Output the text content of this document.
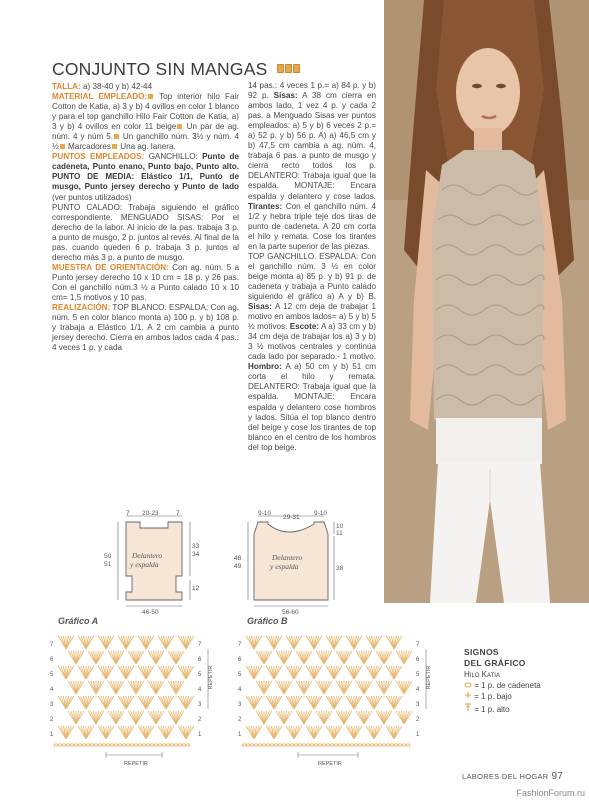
CONJUNTO SIN MANGAS

TALLA: a) 38-40 y b) 42-44

MATERIAL EMPLEADO: Top interior hilo Fair Cotton de Katia, a) 3 y b) 4 ovillos en color 1 blanco y para el top ganchillo Hilo Fair Cotton de Katia, a) 3 y b) 4 ovillos en color 11 beige Un par de ag. núm. 4 y núm 5. Un ganchillo núm. 3½ y núm. 4 ½ Marcadores Una ag. lanera.

PUNTOS EMPLEADOS: GANCHILLO: Punto de cadeneta, Punto enano, Punto bajo, Punto alto. PUNTO DE MEDIA: Elástico 1/1, Punto de musgo, Punto jersey derecho y Punto de lado (ver puntos utilizados)

PUNTO CALADO: Trabaja siguiendo el gráfico correspondiente. MENGUADO SISAS: Por el derecho de la labor. Al inicio de la pas. trabaja 3 p. a punto de musgo, 2 p. juntos al revés. Al final de la pas. cuando queden 6 p. trabaja 3 p. juntos al derecho más 3 p. a punto de musgo.

MUESTRA DE ORIENTACIÓN: Con ag. núm. 5 a Punto jersey derecho 10 x 10 cm = 18 p. y 26 pas. Con el ganchillo núm.3 ½ a Punto calado 10 x 10 cm= 1,5 motivos y 10 pas.

REALIZACIÓN: TOP BLANCO. ESPALDA: Con ag. núm. 5 en color blanco monta a) 100 p. y b) 108 p. y trabaja a Elástico 1/1. A 2 cm cambia a punto jersey derecho. Cierra en ambos lados cada 4 pas.: 4 veces 1 p. y cada

14 pas.: 4 veces 1 p.= a) 84 p. y b) 92 p. Sisas: A 38 cm cierra en ambos lado, 1 vez 4 p. y cada 2 pas. a Menguado Sisas ver puntos empleados: a) 5 y b) 6 veces 2 p.= a) 52 p. y b) 56 p. A) a) 46,5 cm y b) 47,5 cm cambia a ag. núm. 4, trabaja 6 pas. a punto de musgo y cierra recto todos los p. DELANTERO: Trabaja igual que la espalda. MONTAJE: Encara espalda y delantero y cose lados. Tirantes: Con el ganchillo núm. 4 1/2 y hebra triple teje dos tiras de punto de cadeneta. A 20 cm corta el hilo y remata. Cose los tirantes en la parte superior de las piezas.

TOP GANCHILLO. ESPALDA: Con el ganchillo núm. 3 ½ en color beige monta a) 85 p. y b) 91 p. de cadeneta y trabaja a Punto calado siguiendo el gráfico a) A y b) B. Sisas: A 12 cm deja de trabajar 1 motivo en ambos lados= a) 5 y b) 5 ½ motivos. Escote: A a) 33 cm y b) 34 cm deja de trabajar los a) 3 y b) 3 ½ motivos centrales y continúa cada lado por separado.- 1 motivo. Hombro: A a) 50 cm y b) 51 cm corta el hilo y remata. DELANTERO: Trabaja igual que la espalda. MONTAJE: Encara espalda y delantero cose hombros y lados. Sitúa el top blanco dentro del beige y cose los tirantes de top blanco en el centro de los hombros del top beige.

Delantero
y espalda
7 20-23	7
50
51
33
34
12
46-50
Delantero
y espalda
9-10
29-31
9-10
48
49
10
11
38
56-60
Gráfico A
1
1
2
2
3
3
4
4
5
5
6
6
7
7
REPETIR
REPETIR
Gráfico B
1
1
2
2
3
3
4
4
5
5
6
6
7
7
REPETIR
REPETIR
SIGNOS
DEL GRÁFICO
Hilo Katia
= 1 p. de cadeneta
= 1 p. bajo
= 1 p. alto
LABORES DEL HOGAR 97
FashionForum.ru
